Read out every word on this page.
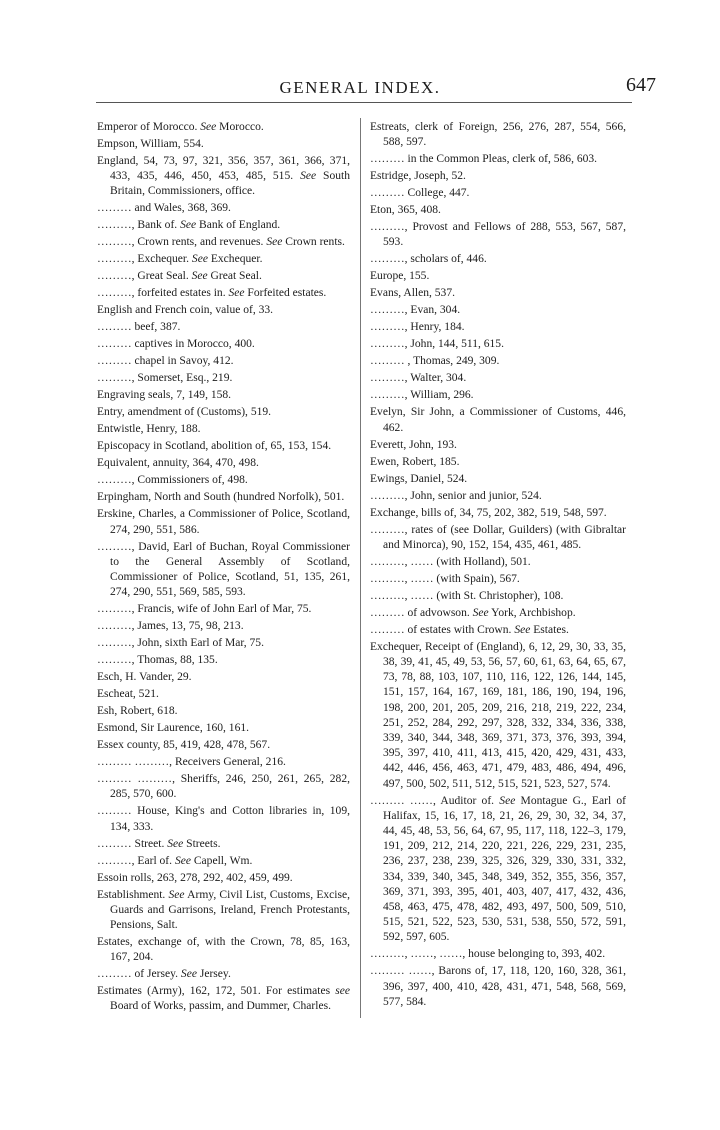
GENERAL INDEX.	647

Emperor of Morocco. See Morocco.

Empson, William, 554.

England, 54, 73, 97, 321, 356, 357, 361, 366, 371, 433, 435, 446, 450, 453, 485, 515. See South Britain, Commissioners, office.

……… and Wales, 368, 369.

………, Bank of. See Bank of England.

………, Crown rents, and revenues. See Crown rents.

………, Exchequer. See Exchequer.

………, Great Seal. See Great Seal.

………, forfeited estates in. See Forfeited estates.

English and French coin, value of, 33.

……… beef, 387.

……… captives in Morocco, 400.

……… chapel in Savoy, 412.

………, Somerset, Esq., 219.

Engraving seals, 7, 149, 158.

Entry, amendment of (Customs), 519.

Entwistle, Henry, 188.

Episcopacy in Scotland, abolition of, 65, 153, 154.

Equivalent, annuity, 364, 470, 498.

………, Commissioners of, 498.

Erpingham, North and South (hundred Norfolk), 501.

Erskine, Charles, a Commissioner of Police, Scotland, 274, 290, 551, 586.

………, David, Earl of Buchan, Royal Commissioner to the General Assembly of Scotland, Commissioner of Police, Scotland, 51, 135, 261, 274, 290, 551, 569, 585, 593.

………, Francis, wife of John Earl of Mar, 75.

………, James, 13, 75, 98, 213.

………, John, sixth Earl of Mar, 75.

………, Thomas, 88, 135.

Esch, H. Vander, 29.

Escheat, 521.

Esh, Robert, 618.

Esmond, Sir Laurence, 160, 161.

Essex county, 85, 419, 428, 478, 567.

……… ………, Receivers General, 216.

……… ………, Sheriffs, 246, 250, 261, 265, 282, 285, 570, 600.

……… House, King's and Cotton libraries in, 109, 134, 333.

……… Street. See Streets.

………, Earl of. See Capell, Wm.

Essoin rolls, 263, 278, 292, 402, 459, 499.

Establishment. See Army, Civil List, Customs, Excise, Guards and Garrisons, Ireland, French Protestants, Pensions, Salt.

Estates, exchange of, with the Crown, 78, 85, 163, 167, 204.

……… of Jersey. See Jersey.

Estimates (Army), 162, 172, 501. For estimates see Board of Works, passim, and Dummer, Charles.

Estreats, clerk of Foreign, 256, 276, 287, 554, 566, 588, 597.

……… in the Common Pleas, clerk of, 586, 603.

Estridge, Joseph, 52.

……… College, 447.

Eton, 365, 408.

………, Provost and Fellows of 288, 553, 567, 587, 593.

………, scholars of, 446.

Europe, 155.

Evans, Allen, 537.

………, Evan, 304.

………, Henry, 184.

………, John, 144, 511, 615.

……… , Thomas, 249, 309.

………, Walter, 304.

………, William, 296.

Evelyn, Sir John, a Commissioner of Customs, 446, 462.

Everett, John, 193.

Ewen, Robert, 185.

Ewings, Daniel, 524.

………, John, senior and junior, 524.

Exchange, bills of, 34, 75, 202, 382, 519, 548, 597.

………, rates of (see Dollar, Guilders) (with Gibraltar and Minorca), 90, 152, 154, 435, 461, 485.

………, …… (with Holland), 501.

………, …… (with Spain), 567.

………, …… (with St. Christopher), 108.

……… of advowson. See York, Archbishop.

……… of estates with Crown. See Estates.

Exchequer, Receipt of (England), 6, 12, 29, 30, 33, 35, 38, 39, 41, 45, 49, 53, 56, 57, 60, 61, 63, 64, 65, 67, 73, 78, 88, 103, 107, 110, 116, 122, 126, 144, 145, 151, 157, 164, 167, 169, 181, 186, 190, 194, 196, 198, 200, 201, 205, 209, 216, 218, 219, 222, 234, 251, 252, 284, 292, 297, 328, 332, 334, 336, 338, 339, 340, 344, 348, 369, 371, 373, 376, 393, 394, 395, 397, 410, 411, 413, 415, 420, 429, 431, 433, 442, 446, 456, 463, 471, 479, 483, 486, 494, 496, 497, 500, 502, 511, 512, 515, 521, 523, 527, 574.

……… ……, Auditor of. See Montague G., Earl of Halifax, 15, 16, 17, 18, 21, 26, 29, 30, 32, 34, 37, 44, 45, 48, 53, 56, 64, 67, 95, 117, 118, 122–3, 179, 191, 209, 212, 214, 220, 221, 226, 229, 231, 235, 236, 237, 238, 239, 325, 326, 329, 330, 331, 332, 334, 339, 340, 345, 348, 349, 352, 355, 356, 357, 369, 371, 393, 395, 401, 403, 407, 417, 432, 436, 458, 463, 475, 478, 482, 493, 497, 500, 509, 510, 515, 521, 522, 523, 530, 531, 538, 550, 572, 591, 592, 597, 605.

………, ……, ……, house belonging to, 393, 402.

……… ……, Barons of, 17, 118, 120, 160, 328, 361, 396, 397, 400, 410, 428, 431, 471, 548, 568, 569, 577, 584.
